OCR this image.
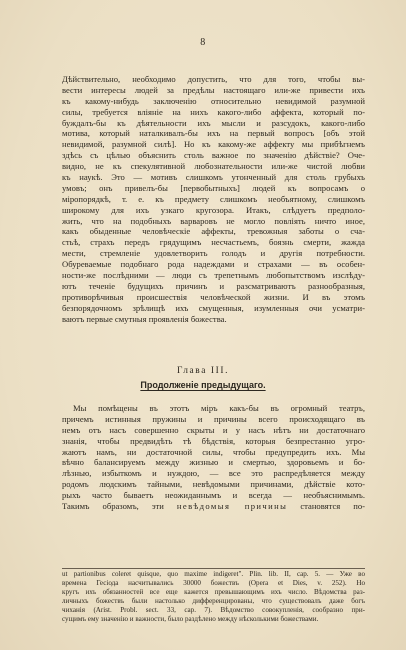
8
Дѣйствительно, необходимо допустить, что для того, чтобы вы-
вести интересы людей за предѣлы настоящаго или-же привести ихъ
къ какому-нибудь заключенію относительно невидимой разумной
силы, требуется вліяніе на нихъ какого-либо аффекта, который по-
буждалъ-бы къ дѣятельности ихъ мысли и разсудокъ, какого-либо
мотива, который наталкивалъ-бы ихъ на первый вопросъ [объ этой
невидимой, разумной силѣ]. Но къ какому-же аффекту мы прибѣгнемъ
здѣсь съ цѣлью объяснить столь важное по значенію дѣйствіе? Оче-
видно, не къ спекулятивной любознательности или-же чистой любви
къ наукѣ. Это — мотивъ слишкомъ утонченный для столь грубыхъ
умовъ; онъ привелъ-бы [первобытныхъ] людей къ вопросамъ о
міропорядкѣ, т. е. къ предмету слишкомъ необъятному, слишкомъ
широкому для ихъ узкаго кругозора. Итакъ, слѣдуетъ предполо-
жить, что на подобныхъ варваровъ не могло повліять ничто иное,
какъ обыденные человѣческіе аффекты, тревожныя заботы о сча-
стьѣ, страхъ передъ грядущимъ несчастьемъ, боязнь смерти, жажда
мести, стремленіе удовлетворить голодъ и другія потребности.
Обуреваемые подобнаго рода надеждами и страхами — въ особен-
ности-же послѣдними — люди съ трепетнымъ любопытствомъ изслѣду-
ютъ теченіе будущихъ причинъ и разсматриваютъ разнообразныя,
противорѣчивыя происшествія человѣческой жизни. И въ этомъ
безпорядочномъ зрѣлищѣ ихъ смущенныя, изумленныя очи усматри-
ваютъ первые смутныя проявленія божества.
Глава III.
Продолженіе предыдущаго.
Мы помѣщены въ этотъ міръ какъ-бы въ огромный театръ,
причемъ истинныя пружины и причины всего происходящаго въ
немъ отъ насъ совершенно скрыты и у насъ нѣтъ ни достаточнаго
знанія, чтобы предвидѣть тѣ бѣдствія, которыя безпрестанно угро-
жаютъ намъ, ни достаточной силы, чтобы предупредить ихъ. Мы
вѣчно балансируемъ между жизнью и смертью, здоровьемъ и бо-
лѣзнью, избыткомъ и нуждою, — все это распредѣляется между
родомъ людскимъ тайными, невѣдомыми причинами, дѣйствіе кото-
рыхъ часто бываетъ неожиданнымъ и всегда — необъяснимымъ.
Такимъ образомъ, эти невѣдомыя причины становятся по-
ut partionibus coleret quisque, quo maxime indigeret". Plin. lib. II, cap. 5. — Уже во
времена Гесіода насчитывались 30000 божествъ (Opera et Dies, v. 252). Но
кругъ ихъ обязанностей все еще кажется превышающимъ ихъ число. Вѣдомства раз-
личныхъ божествъ были настолько дифференцированы, что существовалъ даже богъ
чиханія (Arist. Probl. sect. 33, cap. 7). Вѣдомство совокупленія, сообразно при-
сущимъ ему значенію и важности, было раздѣлено между нѣсколькими божествами.
